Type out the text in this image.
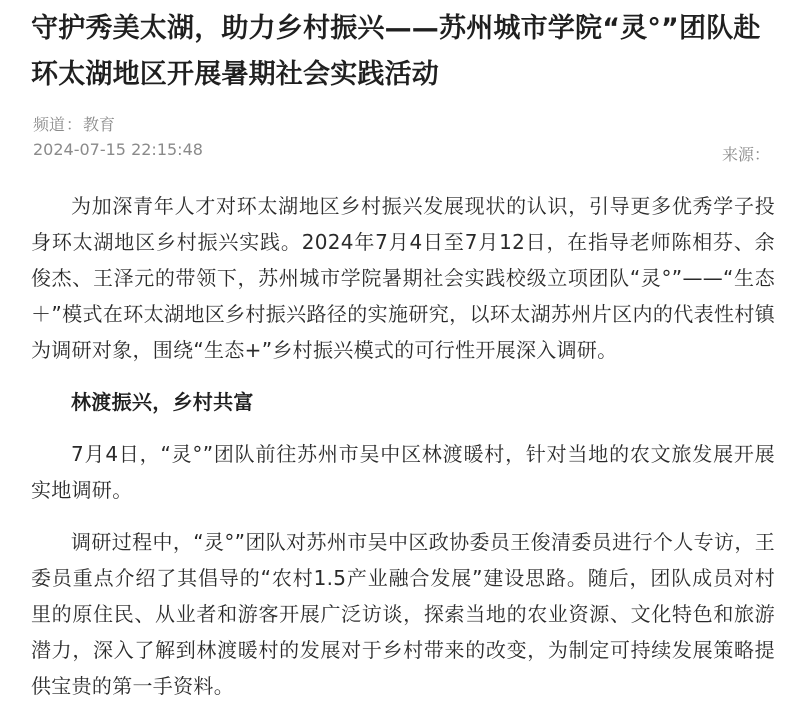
守护秀美太湖，助力乡村振兴——苏州城市学院“灵°”团队赴环太湖地区开展暑期社会实践活动
频道：教育
2024-07-15 22:15:48	来源：

为加深青年人才对环太湖地区乡村振兴发展现状的认识，引导更多优秀学子投身环太湖地区乡村振兴实践。2024年7月4日至7月12日，在指导老师陈相芬、余俊杰、王泽元的带领下，苏州城市学院暑期社会实践校级立项团队“灵°”——“生态＋”模式在环太湖地区乡村振兴路径的实施研究，以环太湖苏州片区内的代表性村镇为调研对象，围绕“生态+”乡村振兴模式的可行性开展深入调研。

林渡振兴，乡村共富

7月4日，“灵°”团队前往苏州市吴中区林渡暖村，针对当地的农文旅发展开展实地调研。

调研过程中，“灵°”团队对苏州市吴中区政协委员王俊清委员进行个人专访，王委员重点介绍了其倡导的“农村1.5产业融合发展”建设思路。随后，团队成员对村里的原住民、从业者和游客开展广泛访谈，探索当地的农业资源、文化特色和旅游潜力，深入了解到林渡暖村的发展对于乡村带来的改变，为制定可持续发展策略提供宝贵的第一手资料。
